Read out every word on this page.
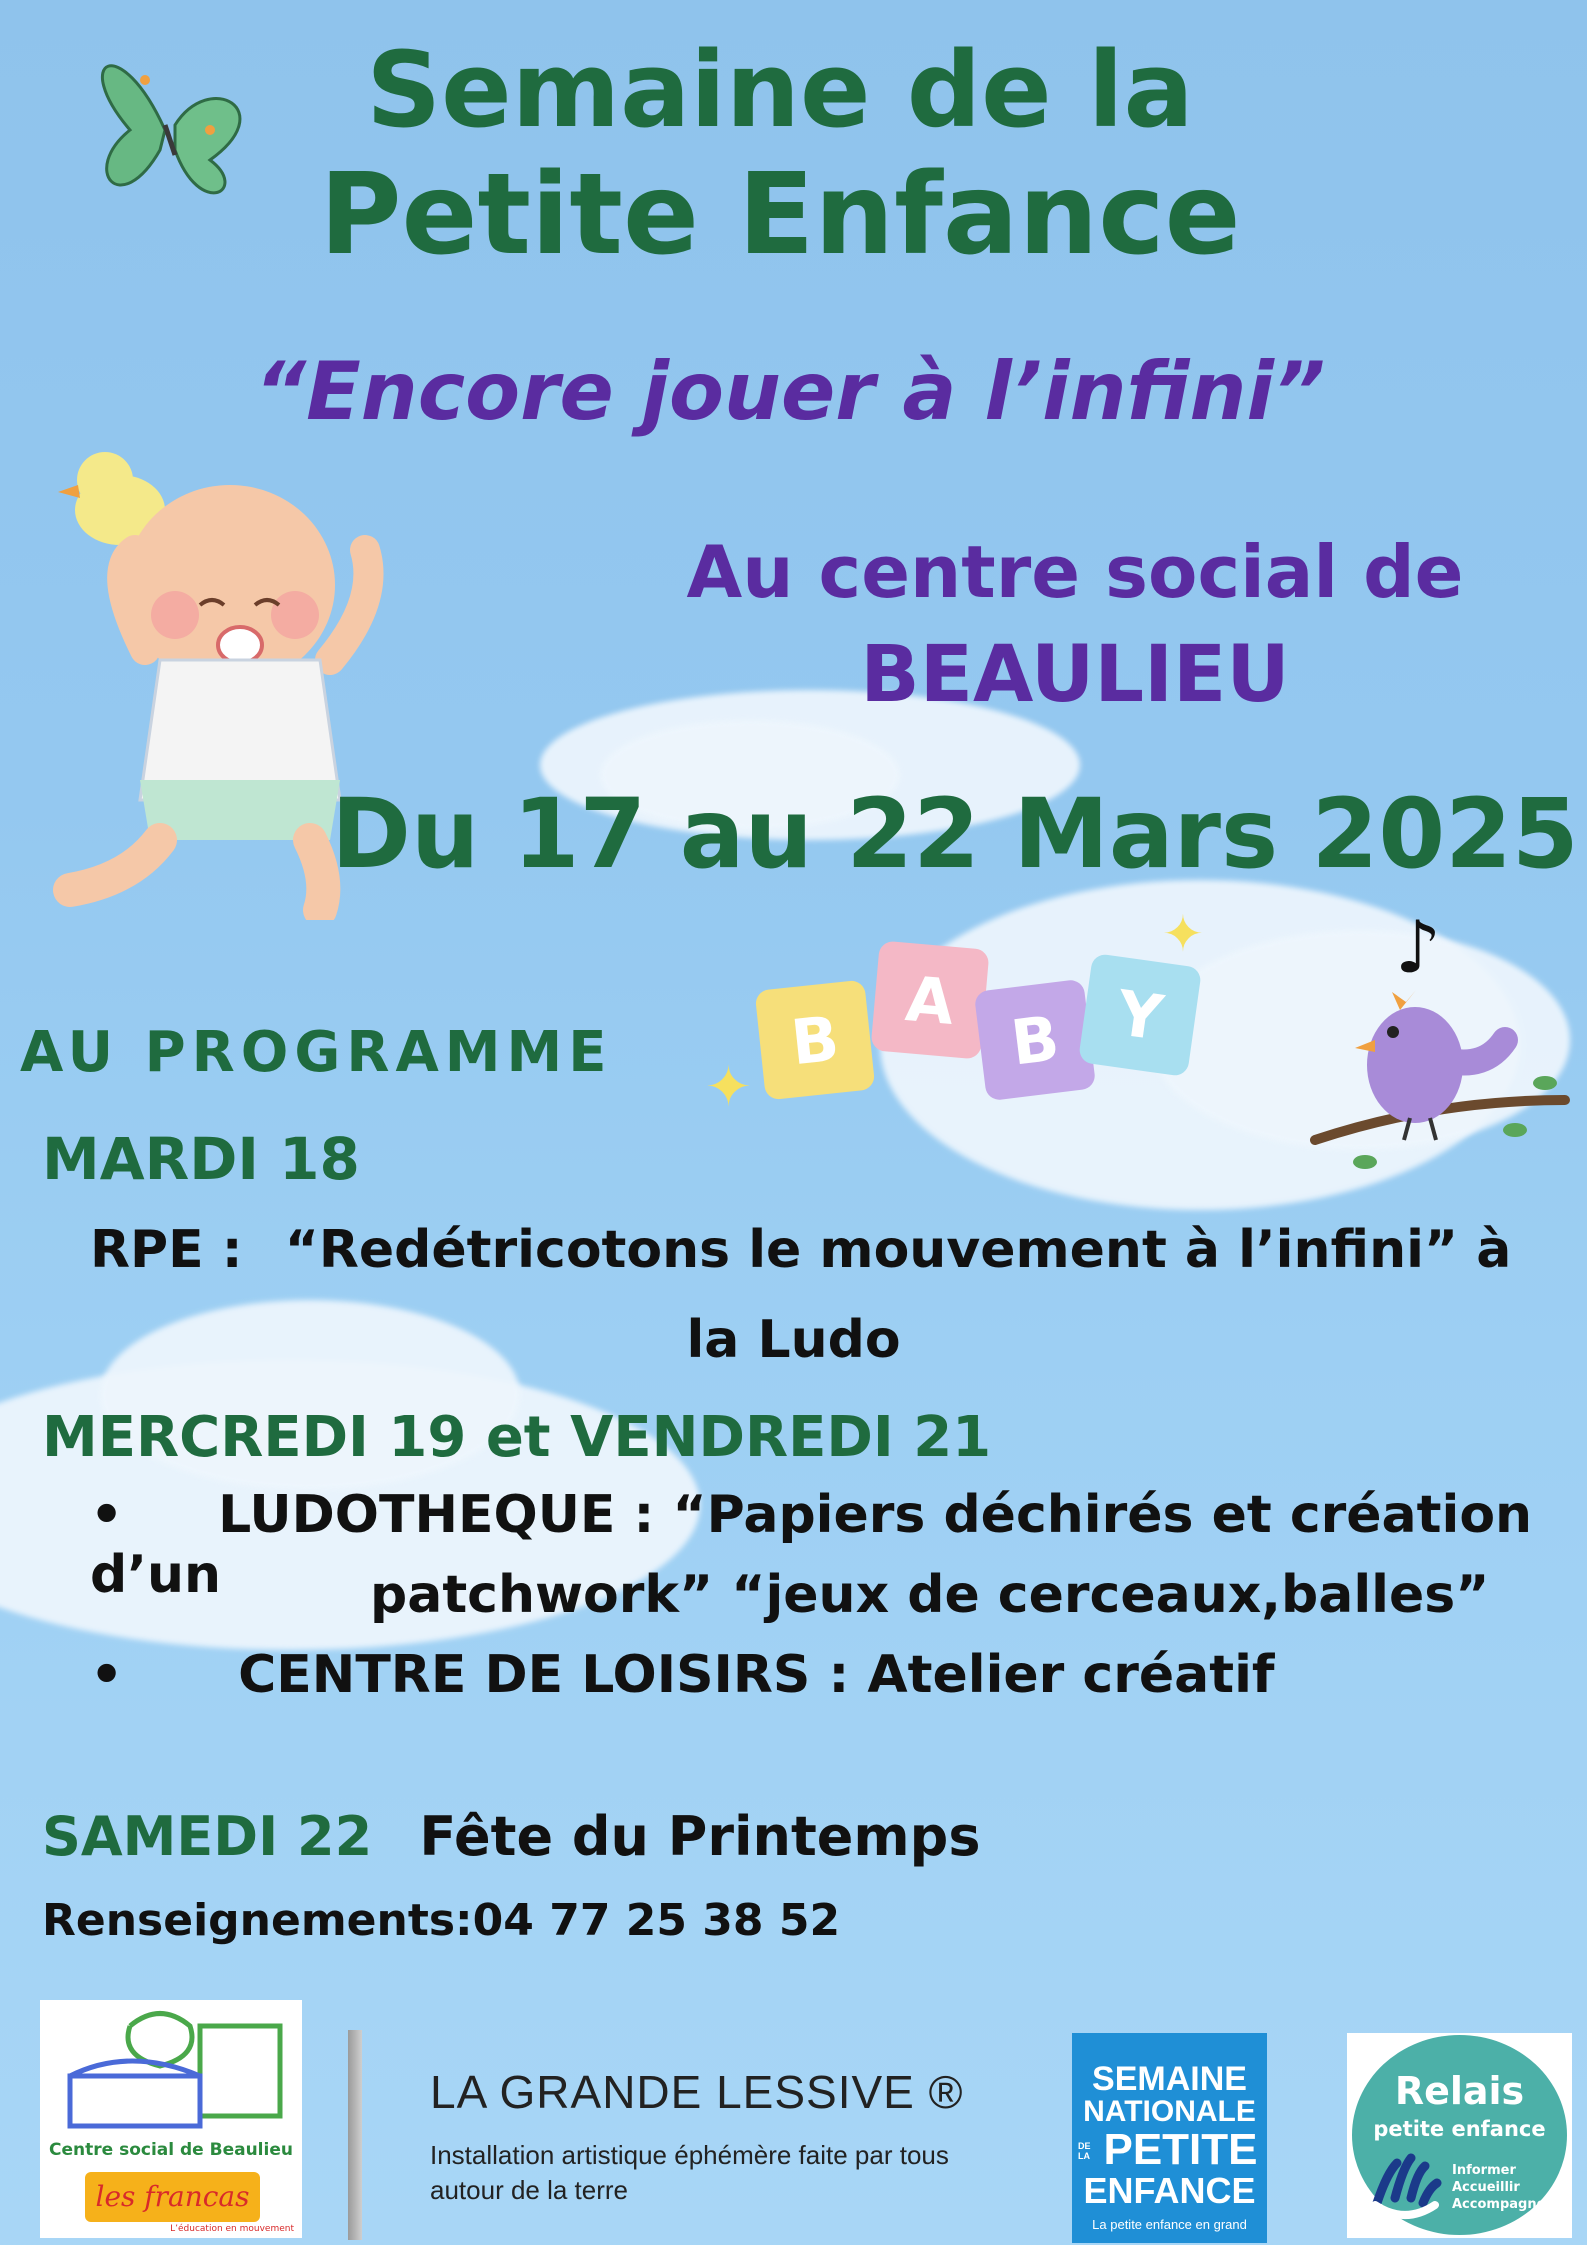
Semaine de la
Petite Enfance
“Encore jouer à l’infini”
Au centre social de
BEAULIEU
Du 17 au 22 Mars 2025
B
A
B Y
✦
✦	♪
AU PROGRAMME
MARDI 18
RPE : “Redétricotons le mouvement à l’infini” à
la Ludo
MERCREDI 19 et VENDREDI 21
• LUDOTHEQUE : “Papiers déchirés et création d’un	patchwork” “jeux de cerceaux,balles”
• CENTRE DE LOISIRS : Atelier créatif
SAMEDI 22 Fête du Printemps
Renseignements:04 77 25 38 52
Centre social de Beaulieu
les francas
L’éducation en mouvement
LA GRANDE LESSIVE ®
Installation artistique éphémère faite par tous
autour de la terre
SEMAINE
NATIONALE
DE LA PETITE
ENFANCE
La petite enfance en grand
Relais
petite enfance
Informer
Accueillir
Accompagner
